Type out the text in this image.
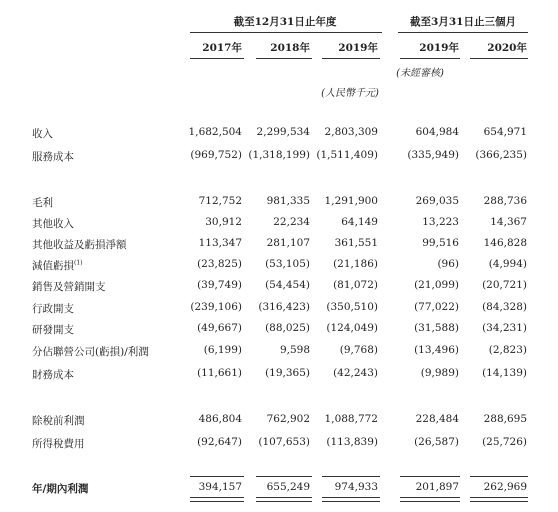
截至12月31日止年度	截至3月31日止三個月
2017年	2018年	2019年	2019年	2020年
(未經審核)
(人民幣千元)
收入	1,682,504	2,299,534	2,803,309	604,984	654,971
服務成本	(969,752) (1,318,199) (1,511,409)	(335,949)	(366,235)
毛利	712,752	981,335	1,291,900	269,035	288,736
其他收入	30,912	22,234	64,149	13,223	14,367
其他收益及虧損淨額	113,347	281,107	361,551	99,516	146,828
減值虧損$^{(1)}$	(23,825)	(53,105)	(21,186)	(96)	(4,994)
銷售及營銷開支	(39,749)	(54,454)	(81,072)	(21,099)	(20,721)
行政開支	(239,106)	(316,423)	(350,510)	(77,022)	(84,328)
研發開支	(49,667)	(88,025)	(124,049)	(31,588)	(34,231)
分佔聯營公司(虧損)/利潤	(6,199)	9,598	(9,768)	(13,496)	(2,823)
財務成本	(11,661)	(19,365)	(42,243)	(9,989)	(14,139)
除稅前利潤	486,804	762,902	1,088,772	228,484	288,695
所得稅費用	(92,647)	(107,653)	(113,839)	(26,587)	(25,726)
年/期內利潤	394,157	655,249	974,933	201,897	262,969
